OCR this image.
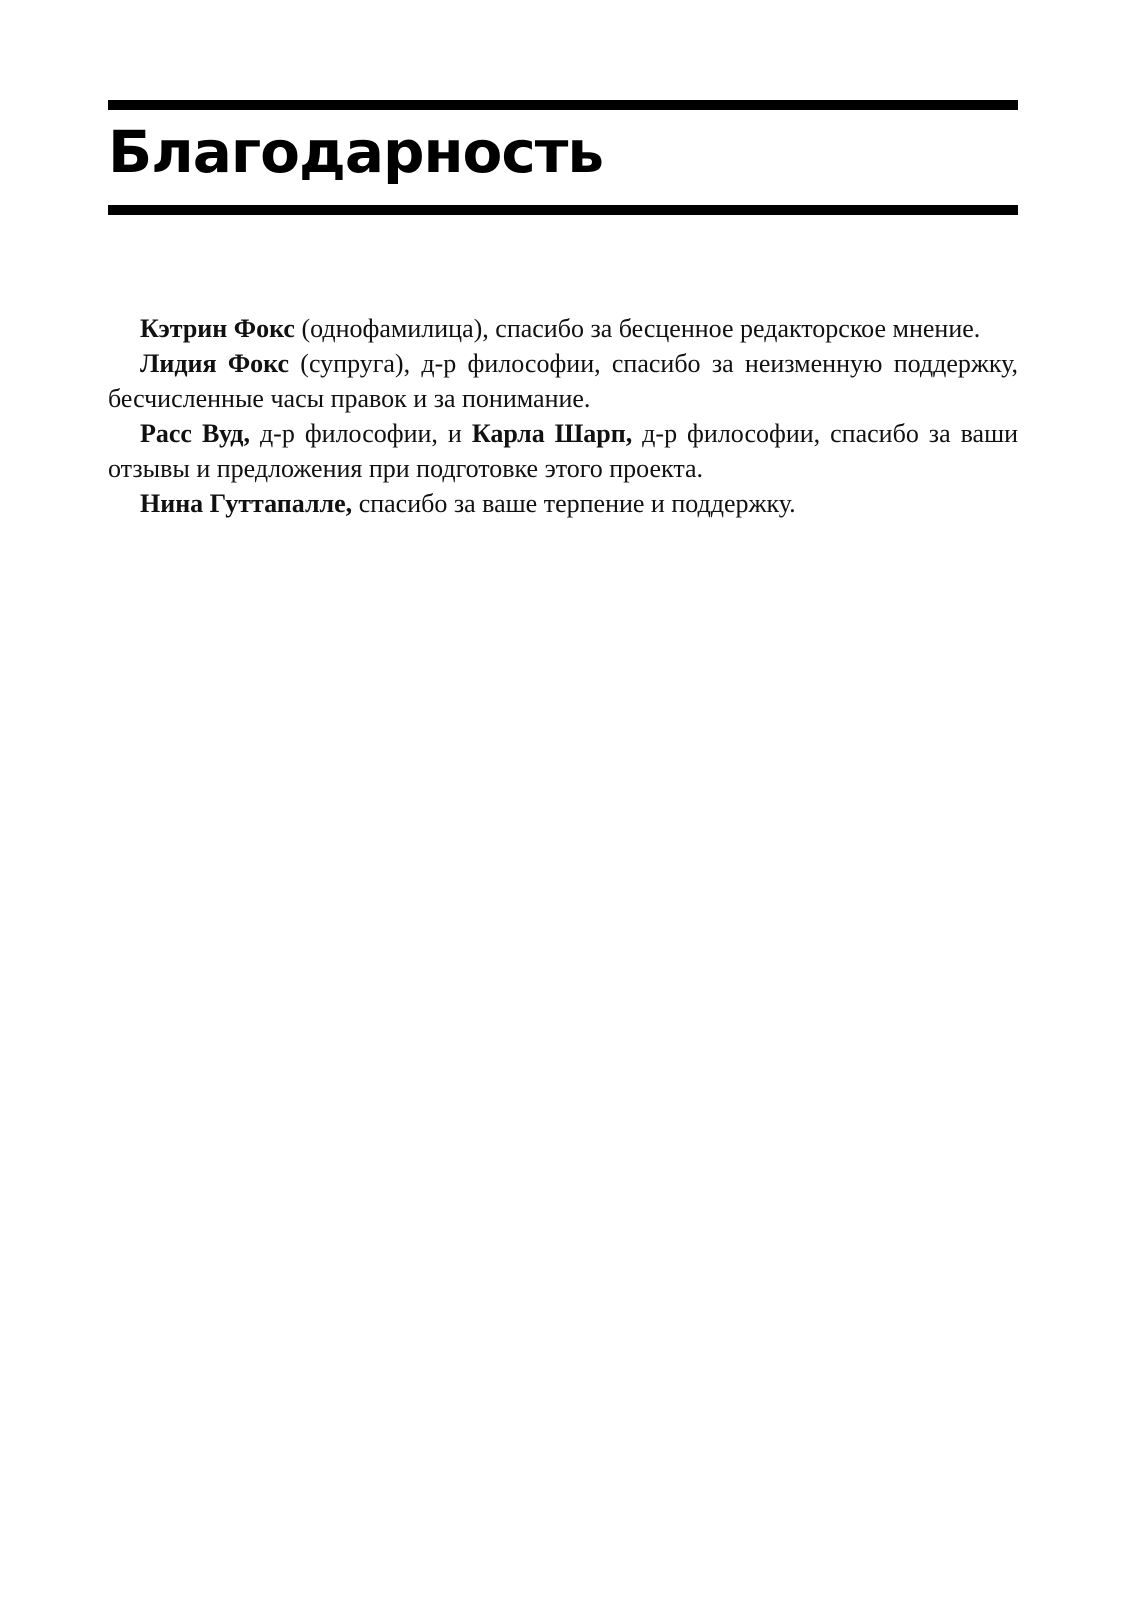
Благодарность

Кэтрин Фокс (однофамилица), спасибо за бесценное редакторское мнение.

Лидия Фокс (супруга), д-р философии, спасибо за неизменную поддержку, бесчисленные часы правок и за понимание.

Расс Вуд, д-р философии, и Карла Шарп, д-р философии, спасибо за ваши отзывы и предложения при подготовке этого проекта.

Нина Гуттапалле, спасибо за ваше терпение и поддержку.
